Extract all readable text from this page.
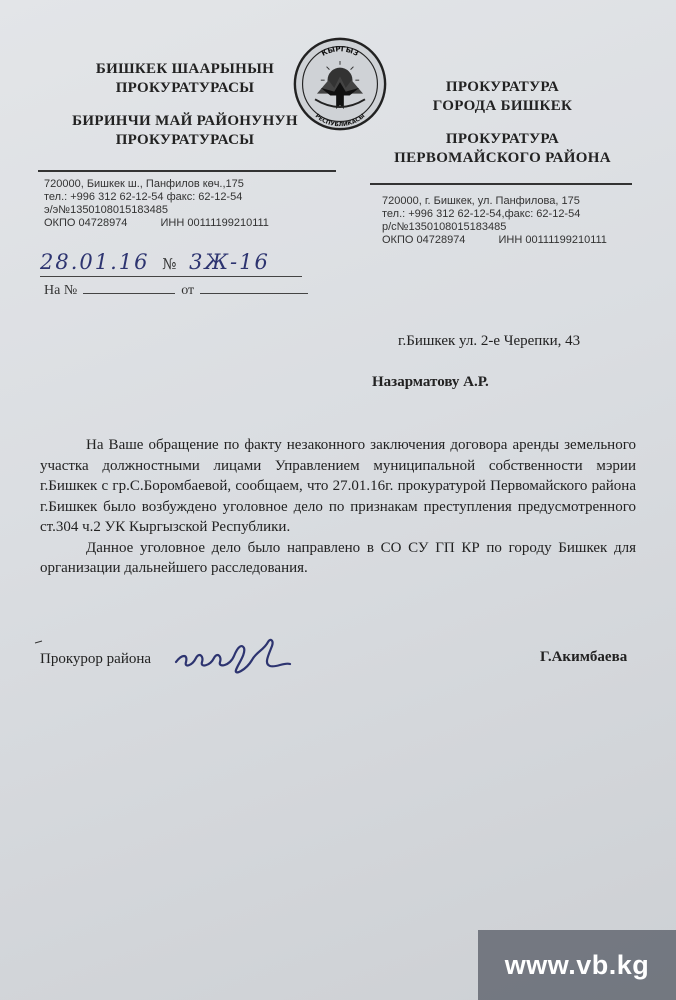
БИШКЕК ШААРЫНЫН
ПРОКУРАТУРАСЫ
БИРИНЧИ МАЙ РАЙОНУНУН
ПРОКУРАТУРАСЫ
КЫРГЫЗ
РЕСПУБЛИКАСЫ
ПРОКУРАТУРА
ГОРОДА БИШКЕК
ПРОКУРАТУРА
ПЕРВОМАЙСКОГО РАЙОНА
720000, Бишкек ш., Панфилов көч.,175
тел.: +996 312 62-12-54 факс: 62-12-54
э/э№1350108015183485
ОКПО 04728974	ИНН 00111199210111
720000, г. Бишкек, ул. Панфилова, 175
тел.: +996 312 62-12-54,факс: 62-12-54
р/с№1350108015183485
ОКПО 04728974	ИНН 00111199210111
28.01.16 № 3Ж-16
На №	от
г.Бишкек ул. 2-е Черепки, 43
Назарматову А.Р.

На Ваше обращение по факту незаконного заключения договора аренды земельного участка должностными лицами Управлением муниципальной собственности мэрии г.Бишкек с гр.С.Боромбаевой, сообщаем, что 27.01.16г. прокуратурой Первомайского района г.Бишкек было возбуждено уголовное дело по признакам преступления предусмотренного ст.304 ч.2 УК Кыргызской Республики.

Данное уголовное дело было направлено в СО СУ ГП КР по городу Бишкек для организации дальнейшего расследования.

Прокурор района	Г.Акимбаева
www.vb.kg
